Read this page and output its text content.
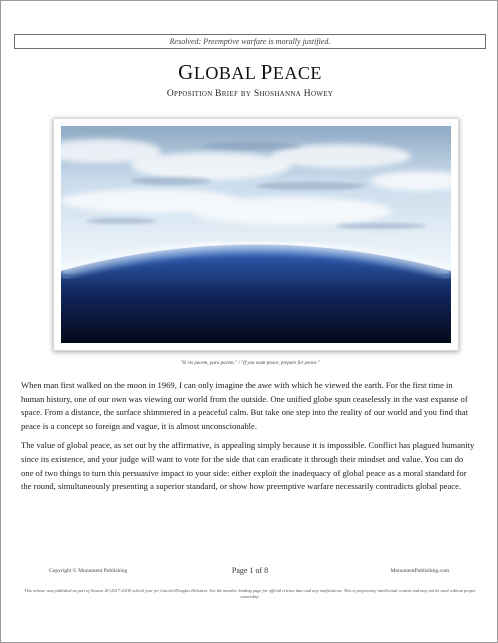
Resolved: Preemptive warfare is morally justified.
GLOBAL PEACE
Opposition Brief by Shoshanna Howey
"Si vis pacem, para pacem." / "If you want peace, prepare for peace."

When man first walked on the moon in 1969, I can only imagine the awe with which he viewed the earth. For the first time in human history, one of our own was viewing our world from the outside. One unified globe spun ceaselessly in the vast expanse of space. From a distance, the surface shimmered in a peaceful calm. But take one step into the reality of our world and you find that peace is a concept so foreign and vague, it is almost unconscionable.

The value of global peace, as set out by the affirmative, is appealing simply because it is impossible. Conflict has plagued humanity since its existence, and your judge will want to vote for the side that can eradicate it through their mindset and value. You can do one of two things to turn this persuasive impact to your side: either exploit the inadequacy of global peace as a moral standard for the round, simultaneously presenting a superior standard, or show how preemptive warfare necessarily contradicts global peace.

Copyright © Monument Publishing	Page 1 of 8	MonumentPublishing.com
This release was published as part of Season 18 (2017-2018) school year for Lincoln-Douglas Debaters. See the member landing page for official release date and any notifications. This is proprietary intellectual content and may not be used without proper ownership.
